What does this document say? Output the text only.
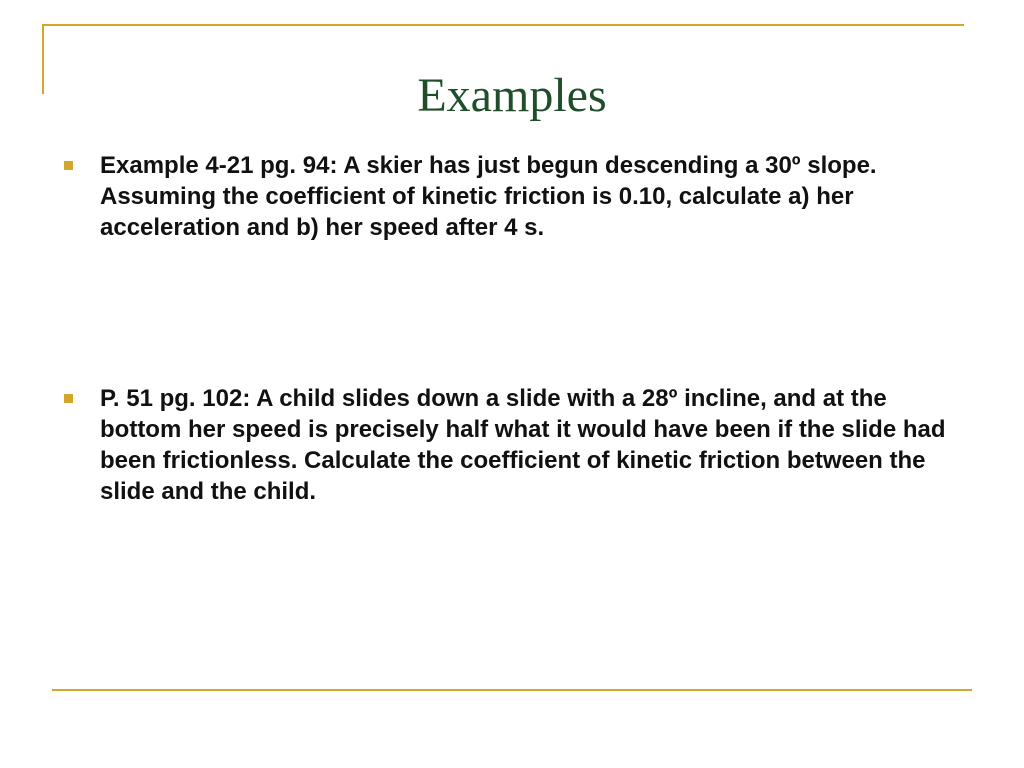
Examples
Example 4-21 pg. 94: A skier has just begun descending a 30º slope. Assuming the coefficient of kinetic friction is 0.10, calculate a) her acceleration and b) her speed after 4 s.
P. 51 pg. 102: A child slides down a slide with a 28º incline, and at the bottom her speed is precisely half what it would have been if the slide had been frictionless. Calculate the coefficient of kinetic friction between the slide and the child.
